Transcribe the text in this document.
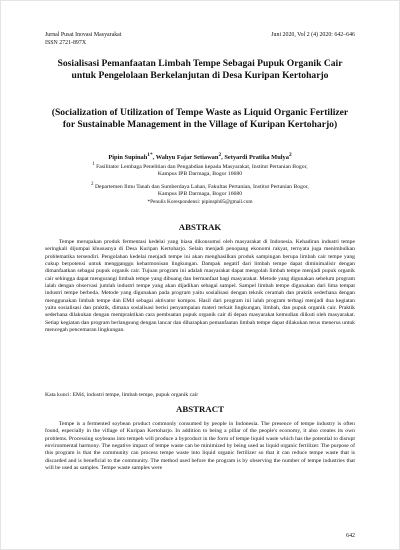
Jurnal Pusat Inovasi Masyarakat
ISSN 2721-897X
Juni 2020, Vol 2 (4) 2020: 642–646
Sosialisasi Pemanfaatan Limbah Tempe Sebagai Pupuk Organik Cair untuk Pengelolaan Berkelanjutan di Desa Kuripan Kertoharjo
(Socialization of Utilization of Tempe Waste as Liquid Organic Fertilizer for Sustainable Management in the Village of Kuripan Kertoharjo)
Pipin Supinah$^{1*}$, Wahyu Fajar Setiawan$^2$, Setyardi Pratika Mulya$^2$
$^1$ Fasilitator Lembaga Penelitian dan Pengabdian kepada Masyarakat, Institut Pertanian Bogor,
Kampus IPB Darmaga, Bogor 16680
$^2$ Departemen Ilmu Tanah dan Sumberdaya Lahan, Fakultas Pertanian, Institut Pertanian Bogor,
Kampus IPB Darmaga, Bogor 16680
*Penulis Korespondensi: pipinsph05@gmail.com
ABSTRAK
Tempe merupakan produk fermentasi kedelai yang biasa dikonsumsi oleh masyarakat di Indonesia. Kehadiran industri tempe seringkali dijumpai khususnya di Desa Kuripan Kertoharjo. Selain menjadi penopang ekonomi rakyat, ternyata juga menimbulkan problematika tersendiri. Pengolahan kedelai menjadi tempe ini akan menghasilkan produk sampingan berupa limbah cair tempe yang cukup berpotensi untuk mengganggu keharmonisan lingkungan. Dampak negatif dari limbah tempe dapat diminimalisir dengan dimanfaatkan sebagai pupuk organik cair. Tujuan program ini adalah masyarakat dapat mengolah limbah tempe menjadi pupuk organik cair sehingga dapat mengurangi limbah tempe yang dibuang dan bermanfaat bagi masyarakat. Metode yang digunakan sebelum program ialah dengan observasi jumlah industri tempe yang akan dijadikan sebagai sampel. Sampel limbah tempe digunakan dari lima tempat industri tempe berbeda. Metode yang digunakan pada program yaitu sosialisasi dengan teknik ceramah dan praktik sederhana dengan menggunakan limbah tempe dan EM4 sebagai aktivator kompos. Hasil dari program ini ialah program terbagi menjadi dua kegiatan yaitu sosialisasi dan praktik, dimana sosialisasi berisi penyampaian materi terkait lingkungan, limbah, dan pupuk organik cair. Praktik sederhana dilakukan dengan mempraktikan cara pembuatan pupuk organik cair di depan masyarakat kemudian diikuti oleh masyarakat. Setiap kegiatan dan program berlangsung dengan lancar dan diharapkan pemanfaatan limbah tempe dapat dilakukan terus menerus untuk mencegah pencemaran lingkungan.
Kata kunci: EM4, industri tempe, limbah tempe, pupuk organik cair
ABSTRACT
Tempe is a fermented soybean product commonly consumed by people in Indonesia. The presence of tempe industry is often found, especially in the village of Kuripan Kertoharjo. In addition to being a pillar of the people's economy, it also creates its own problems. Processing soybeans into tempeh will produce a byproduct in the form of tempe liquid waste which has the potential to disrupt environmental harmony. The negative impact of tempe waste can be minimized by being used as liquid organic fertilizer. The purpose of this program is that the community can process tempe waste into liquid organic fertilizer so that it can reduce tempe waste that is discarded and is beneficial to the community. The method used before the program is by observing the number of tempe industries that will be used as samples. Tempe waste samples were
642
